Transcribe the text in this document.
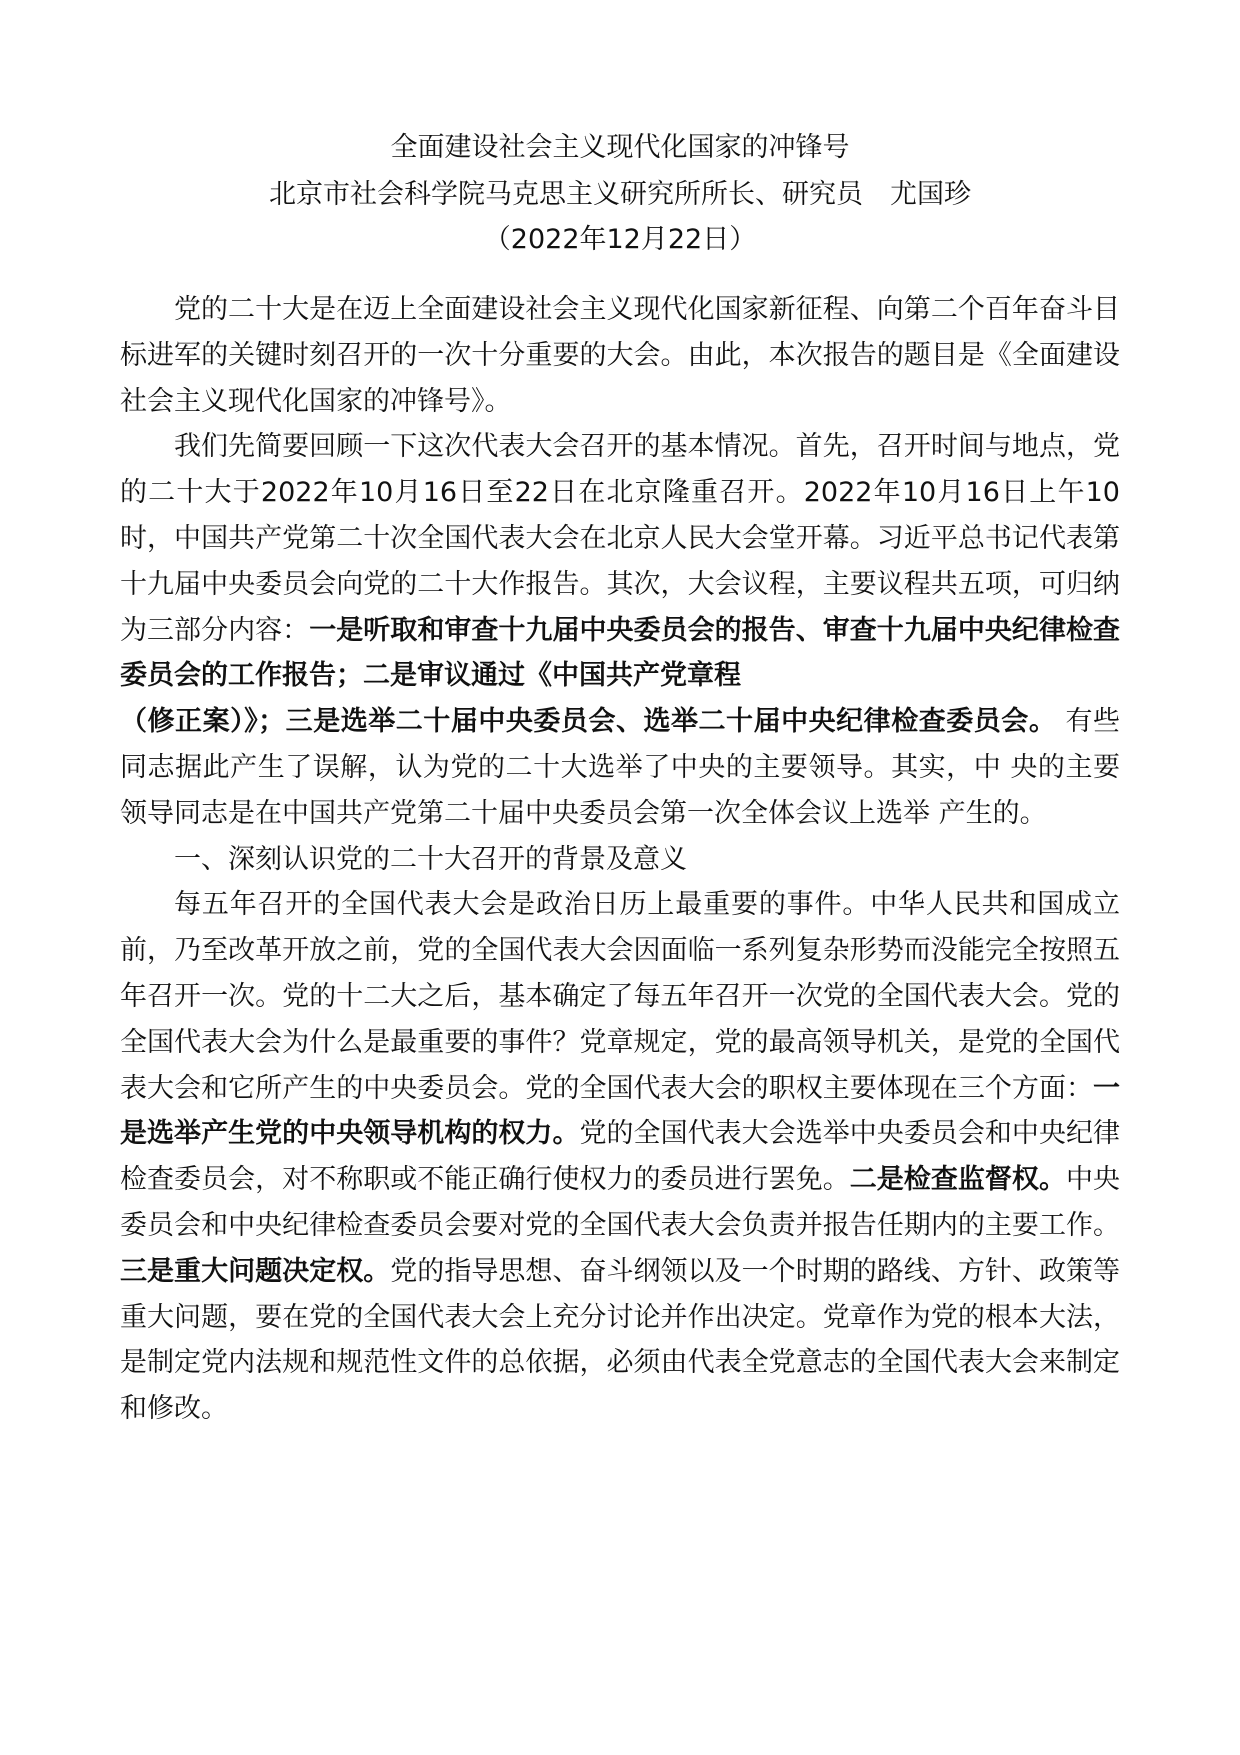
全面建设社会主义现代化国家的冲锋号
北京市社会科学院马克思主义研究所所长、研究员　尤国珍
（2022年12月22日）

党的二十大是在迈上全面建设社会主义现代化国家新征程、向第二个百年奋斗目标进军的关键时刻召开的一次十分重要的大会。由此，本次报告的题目是《全面建设社会主义现代化国家的冲锋号》。

我们先简要回顾一下这次代表大会召开的基本情况。首先，召开时间与地点，党的二十大于2022年10月16日至22日在北京隆重召开。2022年10月16日上午10时，中国共产党第二十次全国代表大会在北京人民大会堂开幕。习近平总书记代表第十九届中央委员会向党的二十大作报告。其次，大会议程，主要议程共五项，可归纳为三部分内容：一是听取和审查十九届中央委员会的报告、审查十九届中央纪律检查委员会的工作报告；二是审议通过《中国共产党章程

（修正案）》；三是选举二十届中央委员会、选举二十届中央纪律检查委员会。 有些同志据此产生了误解，认为党的二十大选举了中央的主要领导。其实，中 央的主要领导同志是在中国共产党第二十届中央委员会第一次全体会议上选举 产生的。

一、深刻认识党的二十大召开的背景及意义

每五年召开的全国代表大会是政治日历上最重要的事件。中华人民共和国成立前，乃至改革开放之前，党的全国代表大会因面临一系列复杂形势而没能完全按照五年召开一次。党的十二大之后，基本确定了每五年召开一次党的全国代表大会。党的全国代表大会为什么是最重要的事件？党章规定，党的最高领导机关，是党的全国代表大会和它所产生的中央委员会。党的全国代表大会的职权主要体现在三个方面：一是选举产生党的中央领导机构的权力。党的全国代表大会选举中央委员会和中央纪律检査委员会，对不称职或不能正确行使权力的委员进行罢免。二是检查监督权。中央委员会和中央纪律检查委员会要对党的全国代表大会负责并报告任期内的主要工作。三是重大问题决定权。党的指导思想、奋斗纲领以及一个时期的路线、方针、政策等重大问题，要在党的全国代表大会上充分讨论并作出决定。党章作为党的根本大法，是制定党内法规和规范性文件的总依据，必须由代表全党意志的全国代表大会来制定和修改。
